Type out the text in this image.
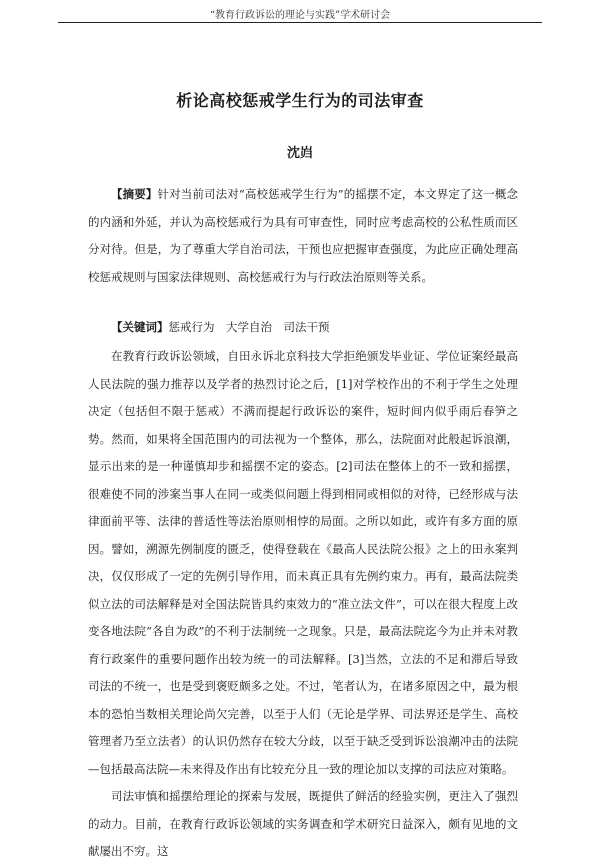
“教育行政诉讼的理论与实践”学术研讨会
析论高校惩戒学生行为的司法审查
沈岿

【摘要】针对当前司法对“高校惩戒学生行为”的摇摆不定，本文界定了这一概念的内涵和外延，并认为高校惩戒行为具有可审查性，同时应考虑高校的公私性质而区分对待。但是，为了尊重大学自治司法，干预也应把握审查强度，为此应正确处理高校惩戒规则与国家法律规则、高校惩戒行为与行政法治原则等关系。

【关键词】惩戒行为　大学自治　司法干预

在教育行政诉讼领域，自田永诉北京科技大学拒绝颁发毕业证、学位证案经最高人民法院的强力推荐以及学者的热烈讨论之后，[1]对学校作出的不利于学生之处理决定（包括但不限于惩戒）不满而提起行政诉讼的案件，短时间内似乎雨后春笋之势。然而，如果将全国范围内的司法视为一个整体，那么，法院面对此般起诉浪潮，显示出来的是一种谨慎却步和摇摆不定的姿态。[2]司法在整体上的不一致和摇摆，很难使不同的涉案当事人在同一或类似问题上得到相同或相似的对待，已经形成与法律面前平等、法律的普适性等法治原则相悖的局面。之所以如此，或许有多方面的原因。譬如，溯源先例制度的匮乏，使得登载在《最高人民法院公报》之上的田永案判决，仅仅形成了一定的先例引导作用，而未真正具有先例约束力。再有，最高法院类似立法的司法解释是对全国法院皆具约束效力的“准立法文件”，可以在很大程度上改变各地法院“各自为政”的不利于法制统一之现象。只是，最高法院迄今为止并未对教育行政案件的重要问题作出较为统一的司法解释。[3]当然，立法的不足和滞后导致司法的不统一，也是受到褒贬颇多之处。不过，笔者认为，在诸多原因之中，最为根本的恐怕当数相关理论尚欠完善，以至于人们（无论是学界、司法界还是学生、高校管理者乃至立法者）的认识仍然存在较大分歧，以至于缺乏受到诉讼浪潮冲击的法院—包括最高法院—未来得及作出有比较充分且一致的理论加以支撑的司法应对策略。

司法审慎和摇摆给理论的探索与发展，既提供了鲜活的经验实例，更注入了强烈的动力。目前，在教育行政诉讼领域的实务调查和学术研究日益深入，颇有见地的文献屡出不穷。这
